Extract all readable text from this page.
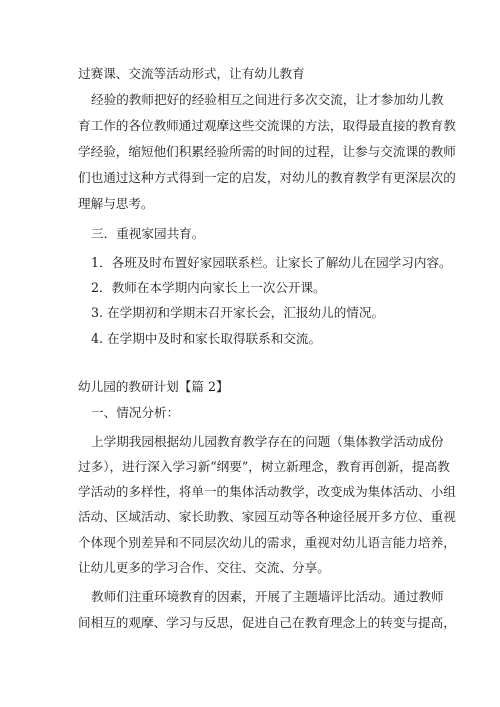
过赛课、交流等活动形式，让有幼儿教育
经验的教师把好的经验相互之间进行多次交流，让才参加幼儿教
育工作的各位教师通过观摩这些交流课的方法，取得最直接的教育教
学经验，缩短他们积累经验所需的时间的过程，让参与交流课的教师
们也通过这种方式得到一定的启发，对幼儿的教育教学有更深层次的
理解与思考。
三．重视家园共育。
1．各班及时布置好家园联系栏。让家长了解幼儿在园学习内容。
2．教师在本学期内向家长上一次公开课。
3. 在学期初和学期末召开家长会，汇报幼儿的情况。
4. 在学期中及时和家长取得联系和交流。
幼儿园的教研计划【篇 2】
一、情况分析：
上学期我园根据幼儿园教育教学存在的问题（集体教学活动成份
过多），进行深入学习新“纲要”，树立新理念，教育再创新，提高教
学活动的多样性，将单一的集体活动教学，改变成为集体活动、小组
活动、区域活动、家长助教、家园互动等各种途径展开多方位、重视
个体现个别差异和不同层次幼儿的需求，重视对幼儿语言能力培养，
让幼儿更多的学习合作、交往、交流、分享。
教师们注重环境教育的因素，开展了主题墙评比活动。通过教师
间相互的观摩、学习与反思，促进自己在教育理念上的转变与提高，
